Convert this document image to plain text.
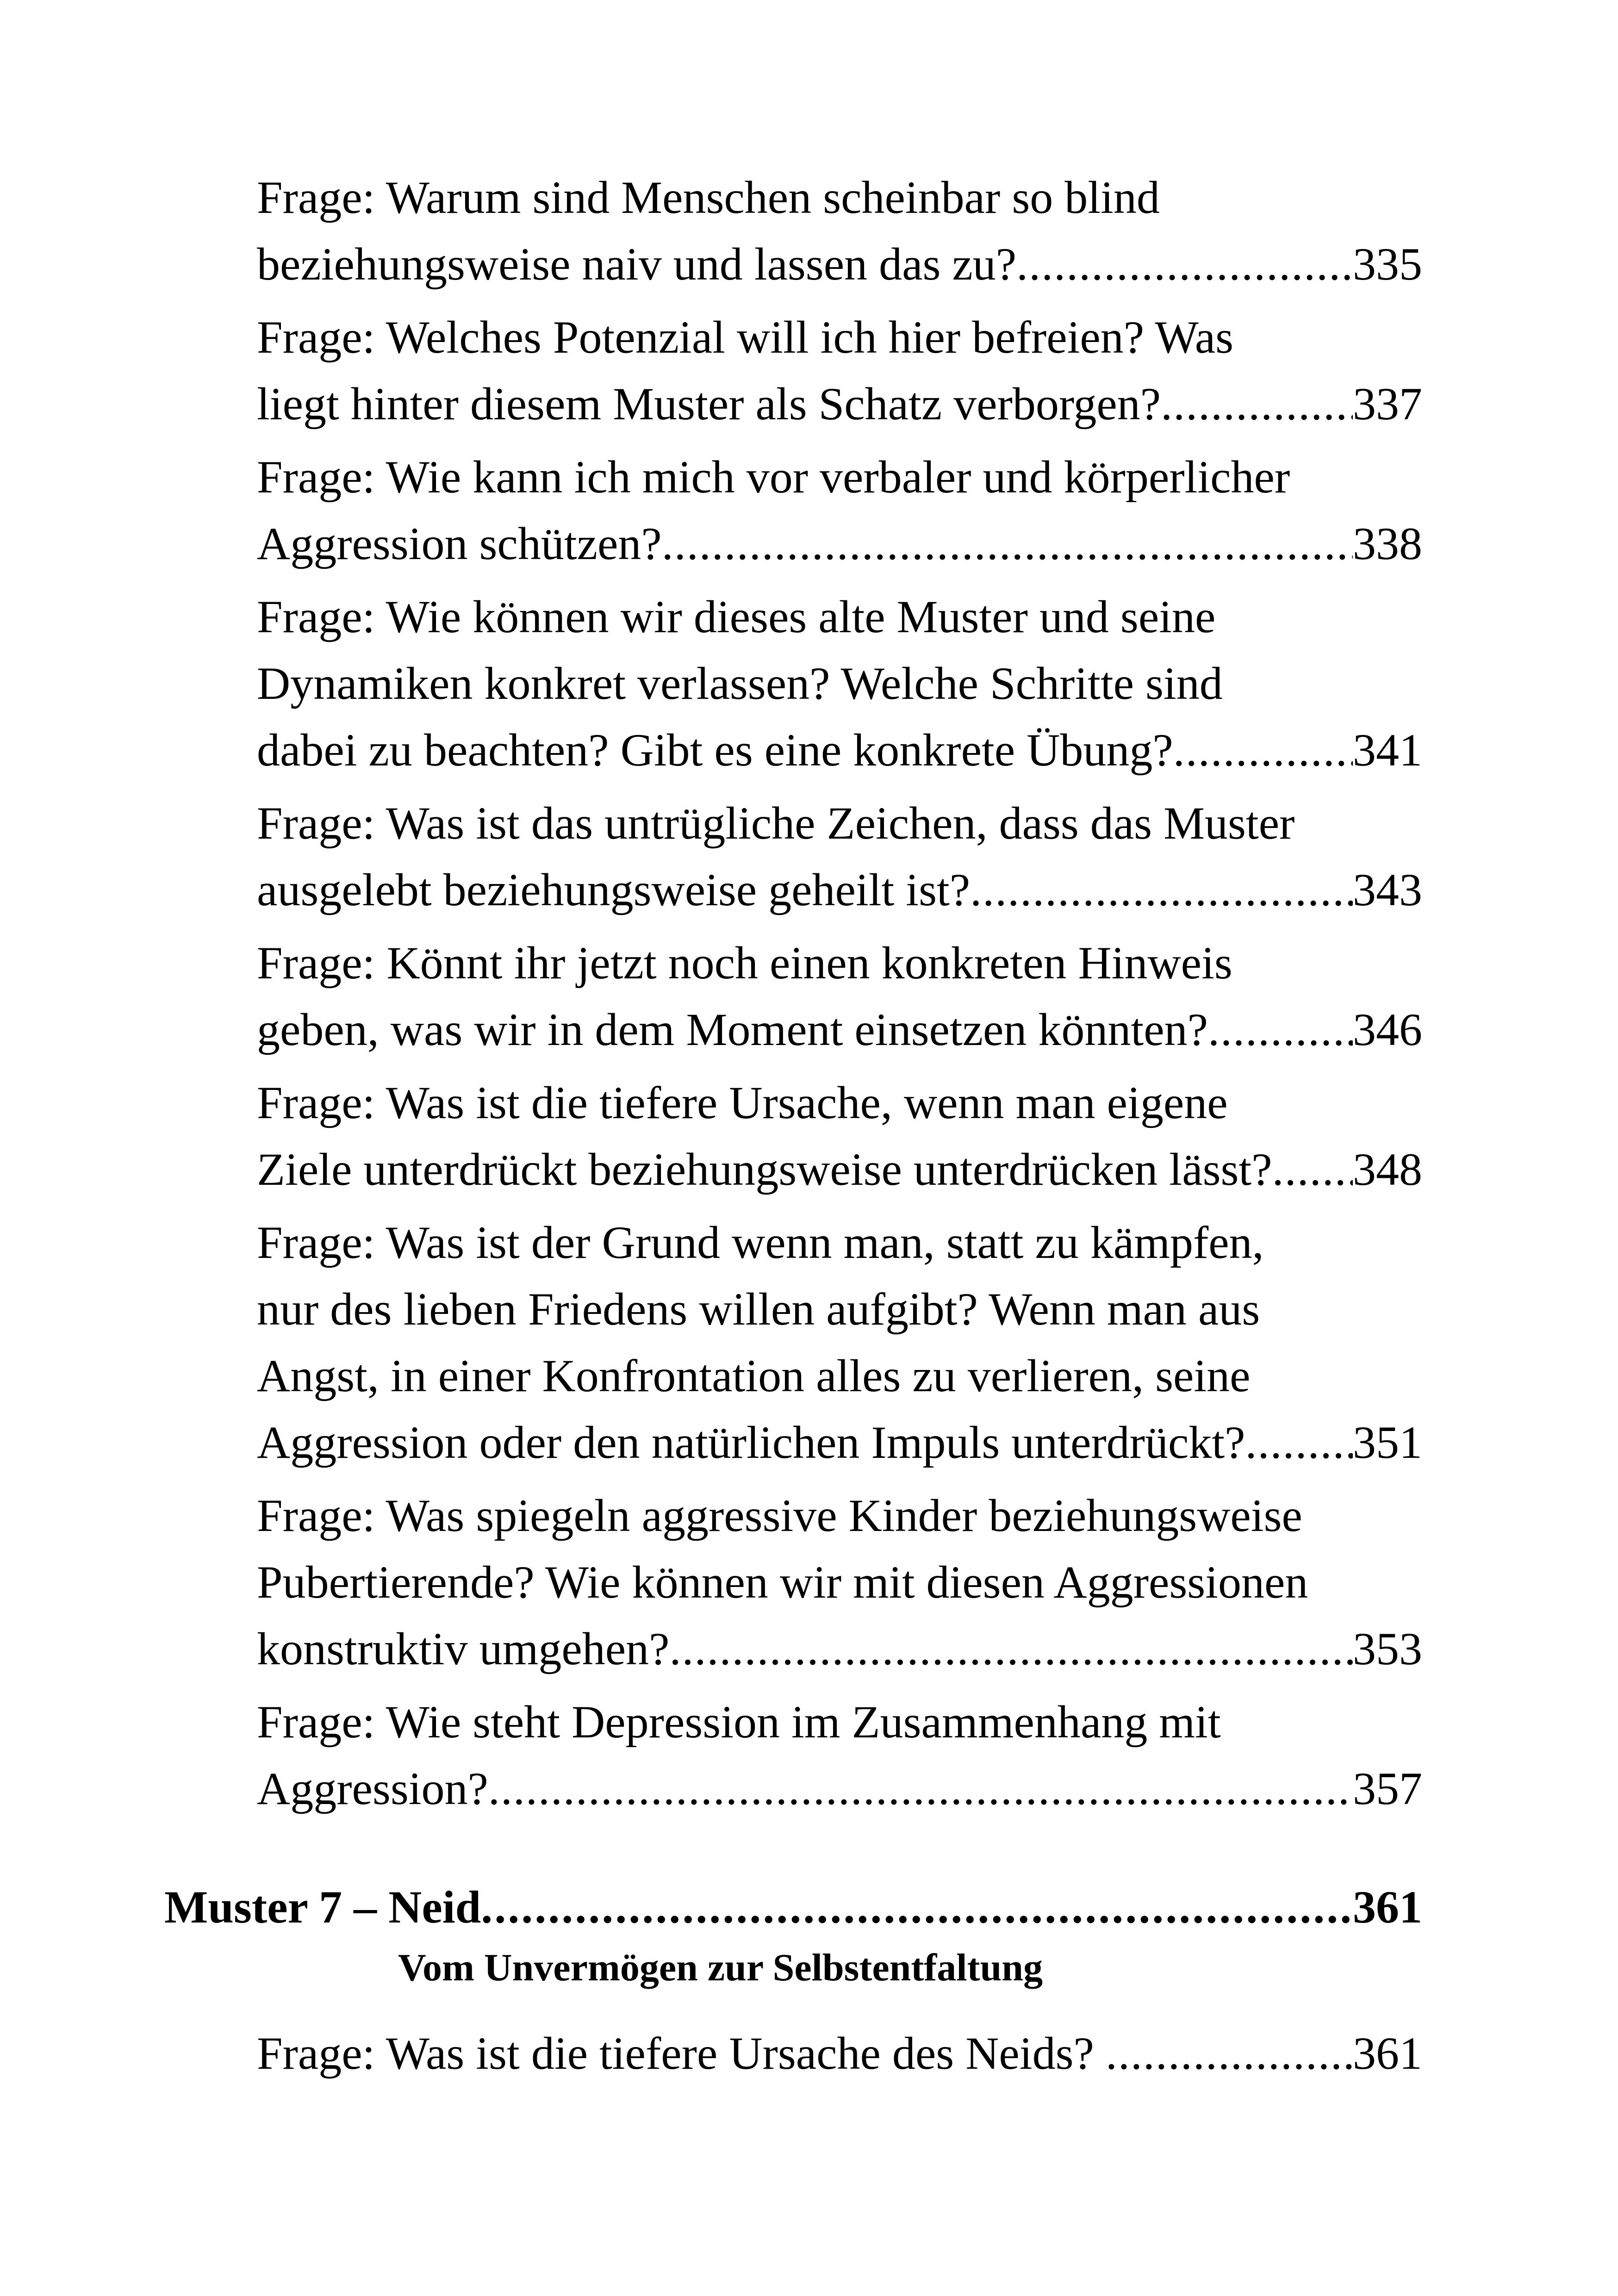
Frage: Warum sind Menschen scheinbar so blind
beziehungsweise naiv und lassen das zu? .....	335
Frage: Welches Potenzial will ich hier befreien? Was
liegt hinter diesem Muster als Schatz verborgen? .....	337
Frage: Wie kann ich mich vor verbaler und körperlicher
Aggression schützen? .....	338
Frage: Wie können wir dieses alte Muster und seine
Dynamiken konkret verlassen? Welche Schritte sind
dabei zu beachten? Gibt es eine konkrete Übung? .....	341
Frage: Was ist das untrügliche Zeichen, dass das Muster
ausgelebt beziehungsweise geheilt ist? .....	343
Frage: Könnt ihr jetzt noch einen konkreten Hinweis
geben, was wir in dem Moment einsetzen könnten? .....	346
Frage: Was ist die tiefere Ursache, wenn man eigene
Ziele unterdrückt beziehungsweise unterdrücken lässt? ..... 348
Frage: Was ist der Grund wenn man, statt zu kämpfen,
nur des lieben Friedens willen aufgibt? Wenn man aus
Angst, in einer Konfrontation alles zu verlieren, seine
Aggression oder den natürlichen Impuls unterdrückt? ..... 351
Frage: Was spiegeln aggressive Kinder beziehungsweise
Pubertierende? Wie können wir mit diesen Aggressionen
konstruktiv umgehen? .....	353
Frage: Wie steht Depression im Zusammenhang mit
Aggression? .....	357
Muster 7 – Neid .....	361
Vom Unvermögen zur Selbstentfaltung
Frage: Was ist die tiefere Ursache des Neids? .....	361
